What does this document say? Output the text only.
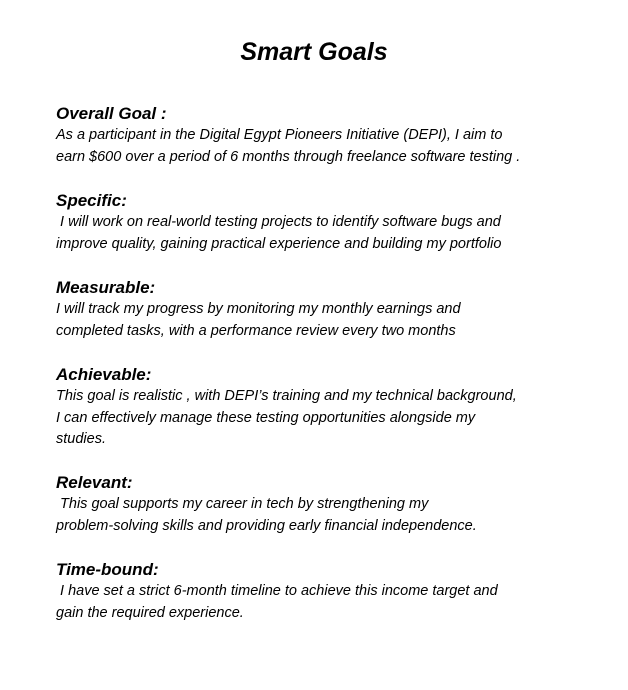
Smart Goals

Overall Goal :

As a participant in the Digital Egypt Pioneers Initiative (DEPI), I aim to

earn $600 over a period of 6 months through freelance software testing .

Specific:

I will work on real-world testing projects to identify software bugs and

improve quality, gaining practical experience and building my portfolio

Measurable:

I will track my progress by monitoring my monthly earnings and

completed tasks, with a performance review every two months

Achievable:

This goal is realistic , with DEPI’s training and my technical background,

I can effectively manage these testing opportunities alongside my

studies.

Relevant:

This goal supports my career in tech by strengthening my

problem-solving skills and providing early financial independence.

Time-bound:

I have set a strict 6-month timeline to achieve this income target and

gain the required experience.
